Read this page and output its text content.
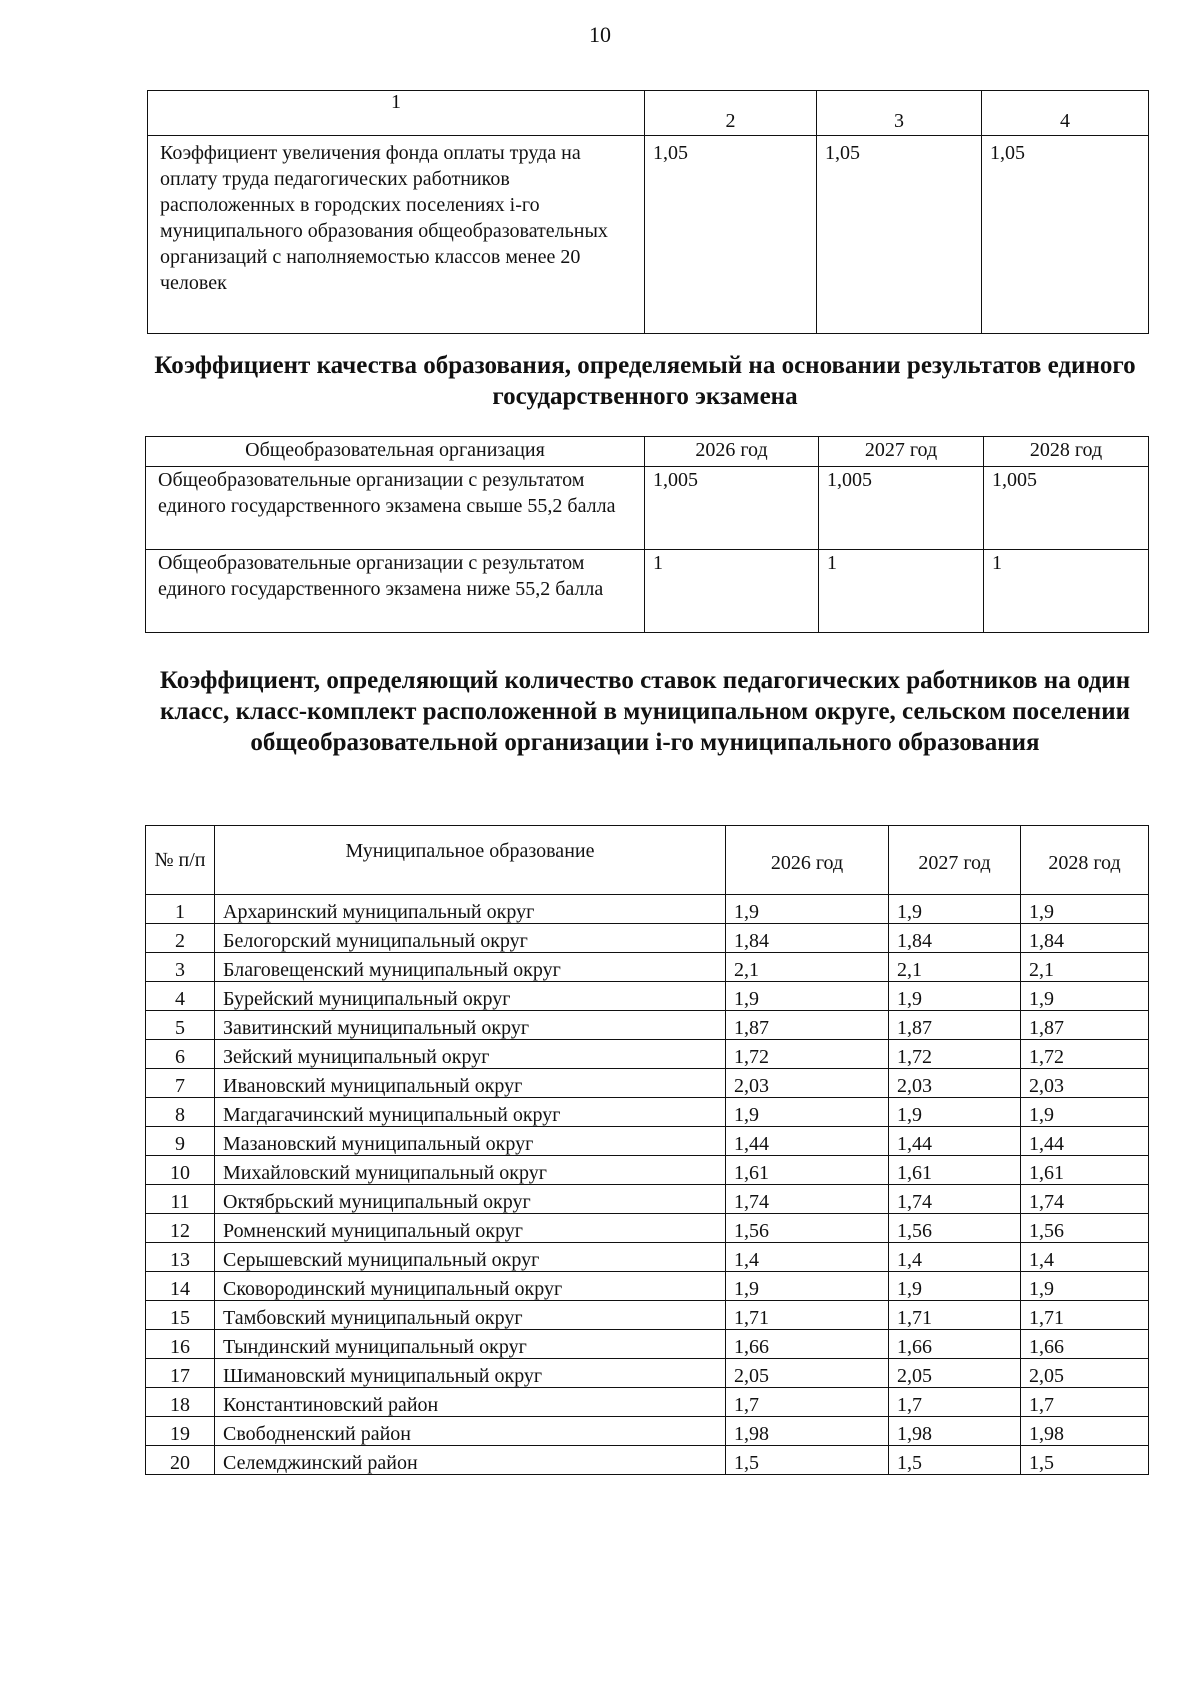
10
1	2	3	4
Коэффициент увеличения фонда оплаты труда на оплату труда педагогических работников расположенных в городских поселениях i-го муниципального образования общеобразовательных организаций с наполняемостью классов менее 20 человек	1,05	1,05	1,05
Коэффициент качества образования, определяемый на основании результатов единого государственного экзамена
Общеобразовательная организация	2026 год	2027 год	2028 год
Общеобразовательные организации с результатом единого государственного экзамена свыше 55,2 балла	1,005	1,005	1,005
Общеобразовательные организации с результатом единого государственного экзамена ниже 55,2 балла	1	1	1
Коэффициент, определяющий количество ставок педагогических работников на один класс, класс-комплект расположенной в муниципальном округе, сельском поселении общеобразовательной организации i-го муниципального образования
№ п/п	Муниципальное образование	2026 год	2027 год	2028 год
1	Архаринский муниципальный округ	1,9	1,9	1,9
2	Белогорский муниципальный округ	1,84	1,84	1,84
3	Благовещенский муниципальный округ	2,1	2,1	2,1
4	Бурейский муниципальный округ	1,9	1,9	1,9
5	Завитинский муниципальный округ	1,87	1,87	1,87
6	Зейский муниципальный округ	1,72	1,72	1,72
7	Ивановский муниципальный округ	2,03	2,03	2,03
8	Магдагачинский муниципальный округ	1,9	1,9	1,9
9	Мазановский муниципальный округ	1,44	1,44	1,44
10	Михайловский муниципальный округ	1,61	1,61	1,61
11	Октябрьский муниципальный округ	1,74	1,74	1,74
12	Ромненский муниципальный округ	1,56	1,56	1,56
13	Серышевский муниципальный округ	1,4	1,4	1,4
14	Сковородинский муниципальный округ	1,9	1,9	1,9
15	Тамбовский муниципальный округ	1,71	1,71	1,71
16	Тындинский муниципальный округ	1,66	1,66	1,66
17	Шимановский муниципальный округ	2,05	2,05	2,05
18	Константиновский район	1,7	1,7	1,7
19	Свободненский район	1,98	1,98	1,98
20	Селемджинский район	1,5	1,5	1,5
